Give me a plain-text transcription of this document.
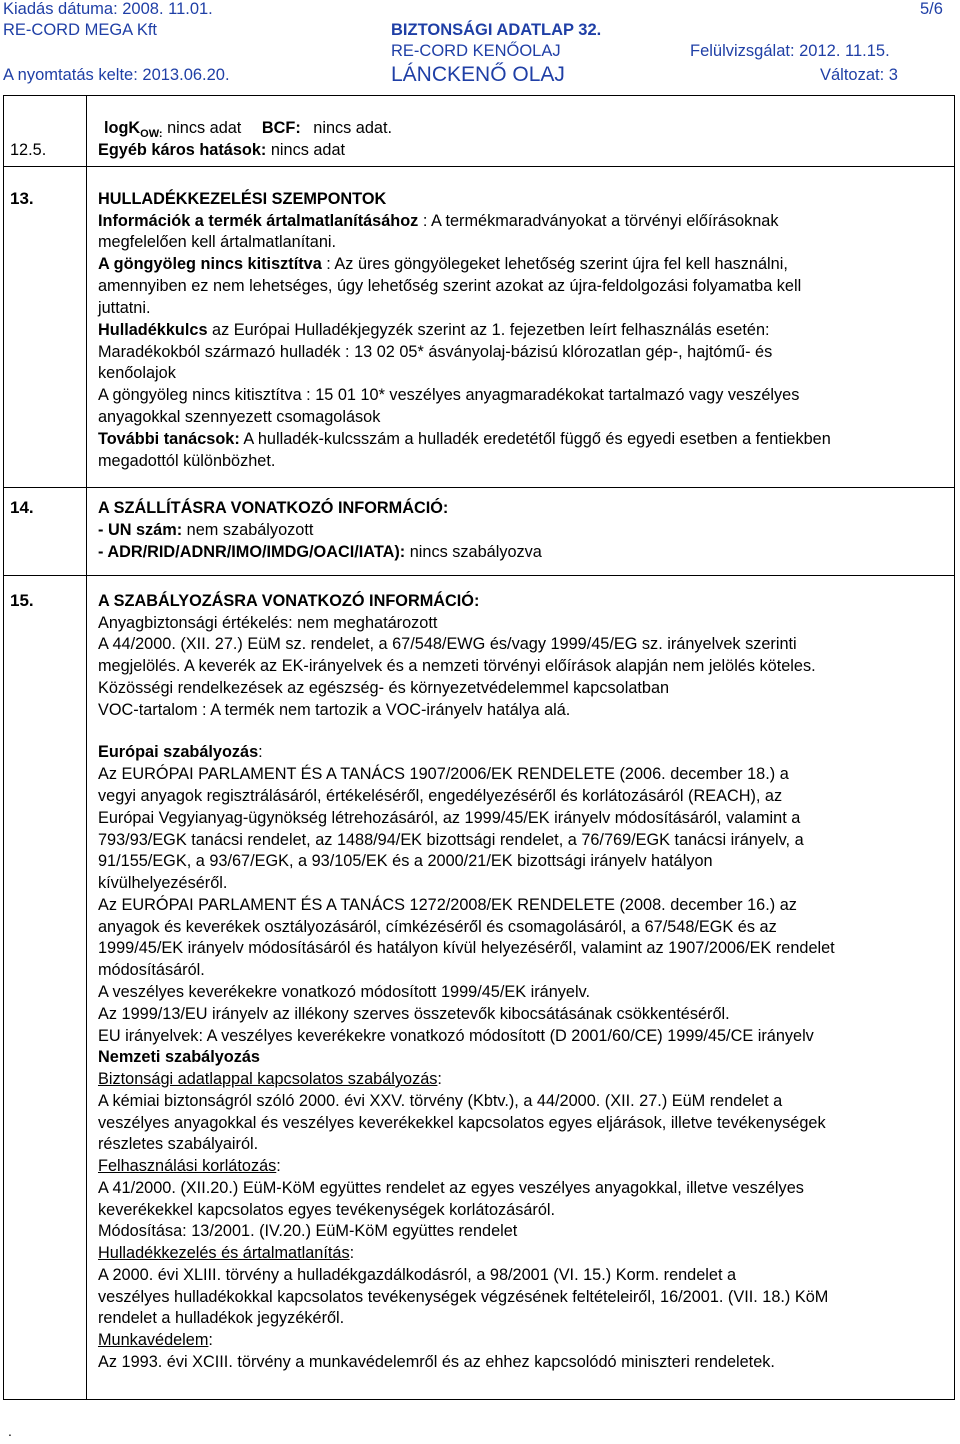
Kiadás dátuma: 2008. 11.01.	5/6
RE-CORD MEGA Kft	BIZTONSÁGI ADATLAP 32.
RE-CORD KENŐOLAJ	Felülvizsgálat: 2012. 11.15.
A nyomtatás kelte: 2013.06.20.	LÁNCKENŐ OLAJ	Változat: 3
logK$_{OW:}$ nincs adat BCF: nincs adat.
12.5.	Egyéb káros hatások: nincs adat
13.	HULLADÉKKEZELÉSI SZEMPONTOK
Információk a termék ártalmatlanításához : A termékmaradványokat a törvényi előírásoknak
megfelelően kell ártalmatlanítani.
A göngyöleg nincs kitisztítva : Az üres göngyölegeket lehetőség szerint újra fel kell használni,
amennyiben ez nem lehetséges, úgy lehetőség szerint azokat az újra-feldolgozási folyamatba kell
juttatni.
Hulladékkulcs az Európai Hulladékjegyzék szerint az 1. fejezetben leírt felhasználás esetén:
Maradékokból származó hulladék : 13 02 05* ásványolaj-bázisú klórozatlan gép-, hajtómű- és
kenőolajok
A göngyöleg nincs kitisztítva : 15 01 10* veszélyes anyagmaradékokat tartalmazó vagy veszélyes
anyagokkal szennyezett csomagolások
További tanácsok: A hulladék-kulcsszám a hulladék eredetétől függő és egyedi esetben a fentiekben
megadottól különbözhet.
14.	A SZÁLLÍTÁSRA VONATKOZÓ INFORMÁCIÓ:
- UN szám: nem szabályozott
- ADR/RID/ADNR/IMO/IMDG/OACI/IATA): nincs szabályozva
15.	A SZABÁLYOZÁSRA VONATKOZÓ INFORMÁCIÓ:
Anyagbiztonsági értékelés: nem meghatározott
A 44/2000. (XII. 27.) EüM sz. rendelet, a 67/548/EWG és/vagy 1999/45/EG sz. irányelvek szerinti
megjelölés. A keverék az EK-irányelvek és a nemzeti törvényi előírások alapján nem jelölés köteles.
Közösségi rendelkezések az egészség- és környezetvédelemmel kapcsolatban
VOC-tartalom : A termék nem tartozik a VOC-irányelv hatálya alá.
Európai szabályozás:
Az EURÓPAI PARLAMENT ÉS A TANÁCS 1907/2006/EK RENDELETE (2006. december 18.) a
vegyi anyagok regisztrálásáról, értékeléséről, engedélyezéséről és korlátozásáról (REACH), az
Európai Vegyianyag-ügynökség létrehozásáról, az 1999/45/EK irányelv módosításáról, valamint a
793/93/EGK tanácsi rendelet, az 1488/94/EK bizottsági rendelet, a 76/769/EGK tanácsi irányelv, a
91/155/EGK, a 93/67/EGK, a 93/105/EK és a 2000/21/EK bizottsági irányelv hatályon
kívülhelyezéséről.
Az EURÓPAI PARLAMENT ÉS A TANÁCS 1272/2008/EK RENDELETE (2008. december 16.) az
anyagok és keverékek osztályozásáról, címkézéséről és csomagolásáról, a 67/548/EGK és az
1999/45/EK irányelv módosításáról és hatályon kívül helyezéséről, valamint az 1907/2006/EK rendelet
módosításáról.
A veszélyes keverékekre vonatkozó módosított 1999/45/EK irányelv.
Az 1999/13/EU irányelv az illékony szerves összetevők kibocsátásának csökkentéséről.
EU irányelvek: A veszélyes keverékekre vonatkozó módosított (D 2001/60/CE) 1999/45/CE irányelv
Nemzeti szabályozás
Biztonsági adatlappal kapcsolatos szabályozás:
A kémiai biztonságról szóló 2000. évi XXV. törvény (Kbtv.), a 44/2000. (XII. 27.) EüM rendelet a
veszélyes anyagokkal és veszélyes keverékekkel kapcsolatos egyes eljárások, illetve tevékenységek
részletes szabályairól.
Felhasználási korlátozás:
A 41/2000. (XII.20.) EüM-KöM együttes rendelet az egyes veszélyes anyagokkal, illetve veszélyes
keverékekkel kapcsolatos egyes tevékenységek korlátozásáról.
Módosítása: 13/2001. (IV.20.) EüM-KöM együttes rendelet
Hulladékkezelés és ártalmatlanítás:
A 2000. évi XLIII. törvény a hulladékgazdálkodásról, a 98/2001 (VI. 15.) Korm. rendelet a
veszélyes hulladékokkal kapcsolatos tevékenységek végzésének feltételeiről, 16/2001. (VII. 18.) KöM
rendelet a hulladékok jegyzékéről.
Munkavédelem:
Az 1993. évi XCIII. törvény a munkavédelemről és az ehhez kapcsolódó miniszteri rendeletek.
.
